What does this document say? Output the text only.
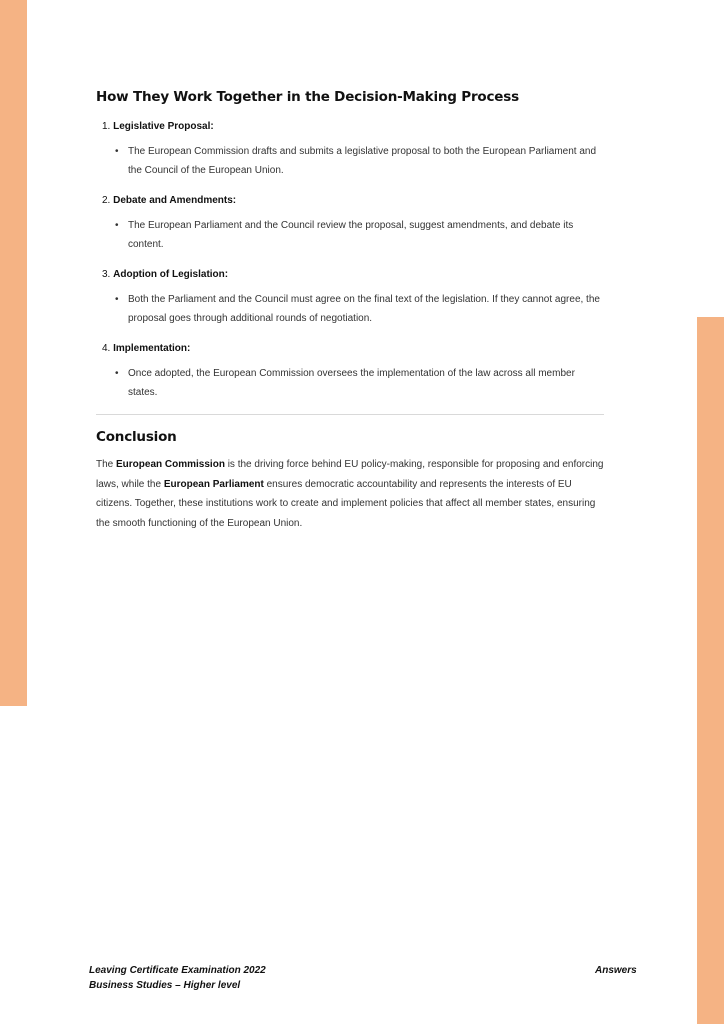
How They Work Together in the Decision-Making Process
1. Legislative Proposal:
• The European Commission drafts and submits a legislative proposal to both the European Parliament and the Council of the European Union.
2. Debate and Amendments:
• The European Parliament and the Council review the proposal, suggest amendments, and debate its content.
3. Adoption of Legislation:
• Both the Parliament and the Council must agree on the final text of the legislation. If they cannot agree, the proposal goes through additional rounds of negotiation.
4. Implementation:
• Once adopted, the European Commission oversees the implementation of the law across all member states.
Conclusion

The European Commission is the driving force behind EU policy-making, responsible for proposing and enforcing laws, while the European Parliament ensures democratic accountability and represents the interests of EU citizens. Together, these institutions work to create and implement policies that affect all member states, ensuring the smooth functioning of the European Union.

Leaving Certificate Examination 2022
Business Studies – Higher level
Answers
